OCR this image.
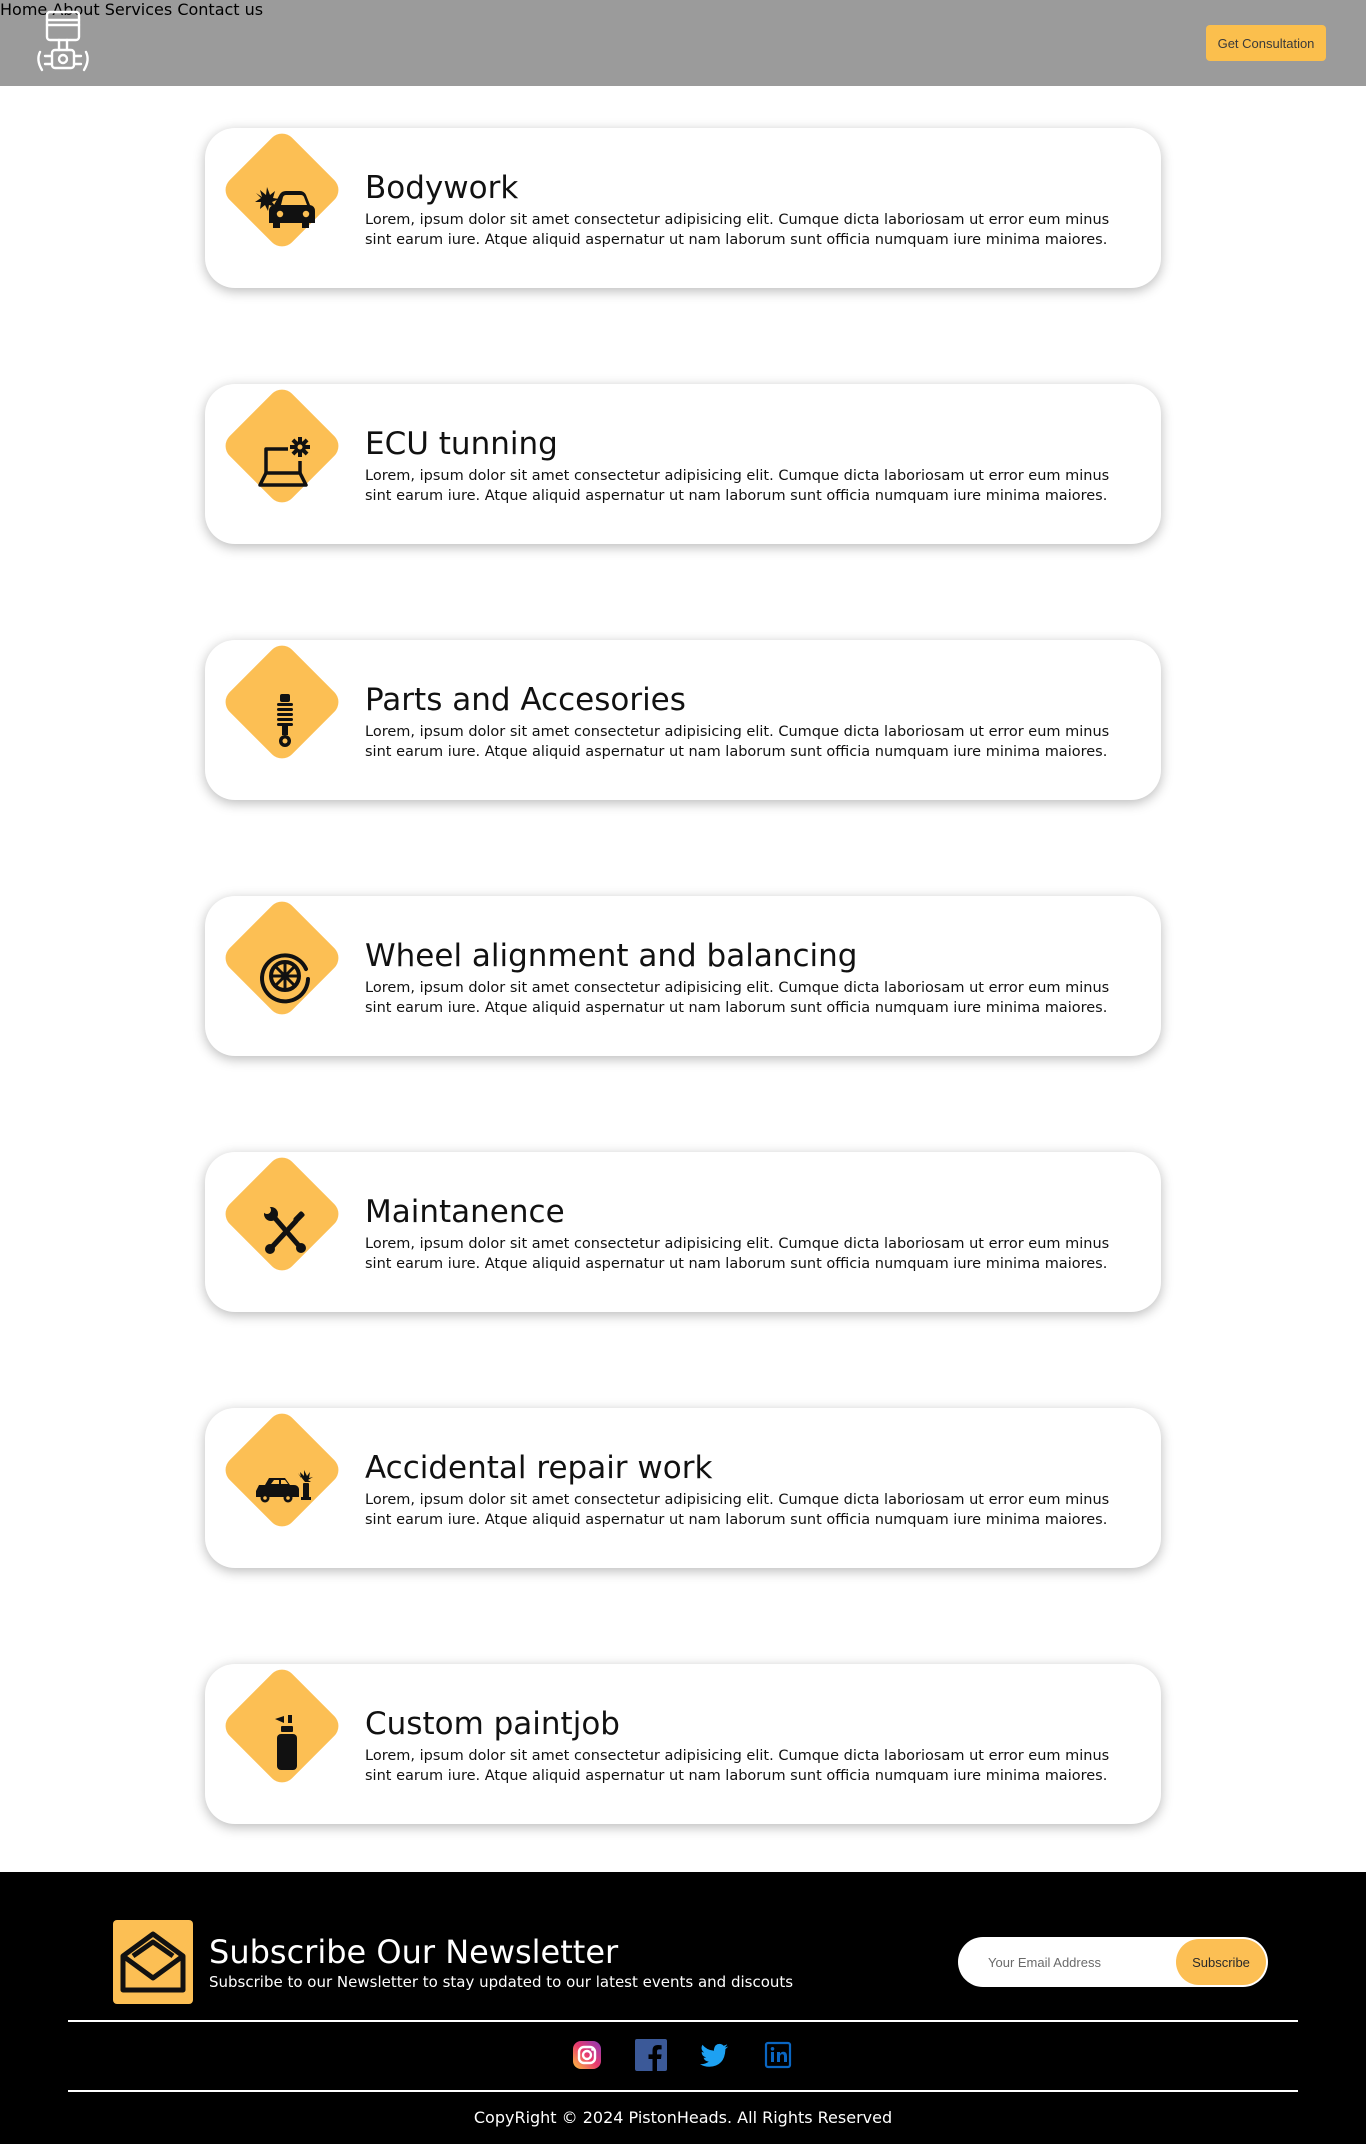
Home About Services Contact us
Get Consultation
Bodywork
Lorem, ipsum dolor sit amet consectetur adipisicing elit. Cumque dicta laboriosam ut error eum minus sint earum iure. Atque aliquid aspernatur ut nam laborum sunt officia numquam iure minima maiores.
ECU tunning
Lorem, ipsum dolor sit amet consectetur adipisicing elit. Cumque dicta laboriosam ut error eum minus sint earum iure. Atque aliquid aspernatur ut nam laborum sunt officia numquam iure minima maiores.
Parts and Accesories
Lorem, ipsum dolor sit amet consectetur adipisicing elit. Cumque dicta laboriosam ut error eum minus sint earum iure. Atque aliquid aspernatur ut nam laborum sunt officia numquam iure minima maiores.
Wheel alignment and balancing
Lorem, ipsum dolor sit amet consectetur adipisicing elit. Cumque dicta laboriosam ut error eum minus sint earum iure. Atque aliquid aspernatur ut nam laborum sunt officia numquam iure minima maiores.
Maintanence
Lorem, ipsum dolor sit amet consectetur adipisicing elit. Cumque dicta laboriosam ut error eum minus sint earum iure. Atque aliquid aspernatur ut nam laborum sunt officia numquam iure minima maiores.
Accidental repair work
Lorem, ipsum dolor sit amet consectetur adipisicing elit. Cumque dicta laboriosam ut error eum minus sint earum iure. Atque aliquid aspernatur ut nam laborum sunt officia numquam iure minima maiores.
Custom paintjob
Lorem, ipsum dolor sit amet consectetur adipisicing elit. Cumque dicta laboriosam ut error eum minus sint earum iure. Atque aliquid aspernatur ut nam laborum sunt officia numquam iure minima maiores.
Subscribe Our Newsletter
Subscribe to our Newsletter to stay updated to our latest events and discouts
Your Email Address
Subscribe
CopyRight © 2024 PistonHeads. All Rights Reserved
